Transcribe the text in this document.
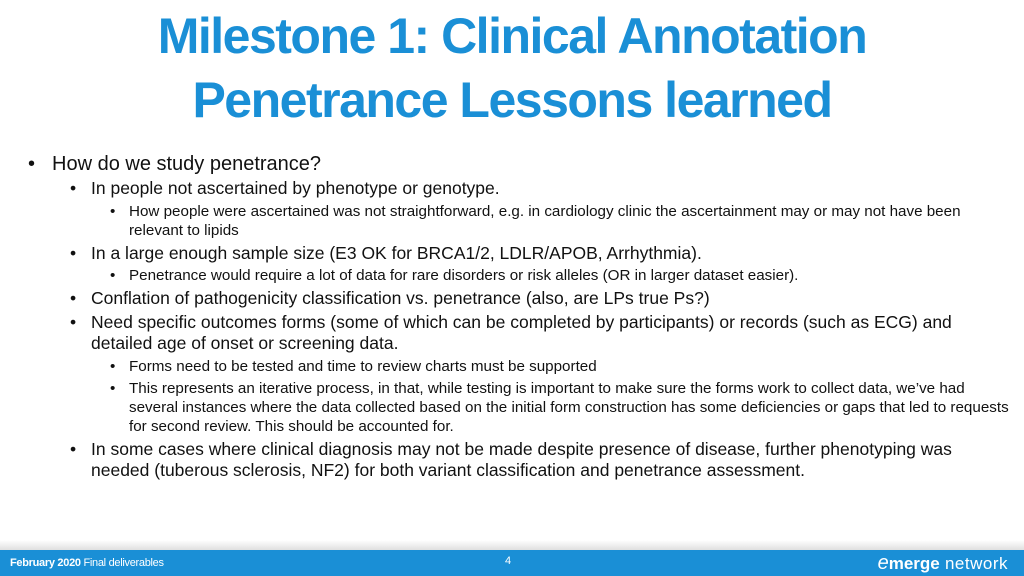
Milestone 1: Clinical Annotation
Penetrance Lessons learned
• How do we study penetrance?
• In people not ascertained by phenotype or genotype.
• How people were ascertained was not straightforward, e.g. in cardiology clinic the ascertainment may or may not have been relevant to lipids
• In a large enough sample size (E3 OK for BRCA1/2, LDLR/APOB, Arrhythmia).
• Penetrance would require a lot of data for rare disorders or risk alleles (OR in larger dataset easier).
• Conflation of pathogenicity classification vs. penetrance (also, are LPs true Ps?)
• Need specific outcomes forms (some of which can be completed by participants) or records (such as ECG) and detailed age of onset or screening data.
• Forms need to be tested and time to review charts must be supported
• This represents an iterative process, in that, while testing is important to make sure the forms work to collect data, we’ve had several instances where the data collected based on the initial form construction has some deficiencies or gaps that led to requests for second review. This should be accounted for.
• In some cases where clinical diagnosis may not be made despite presence of disease, further phenotyping was needed (tuberous sclerosis, NF2) for both variant classification and penetrance assessment.
February 2020 Final deliverables	emerge network
4
